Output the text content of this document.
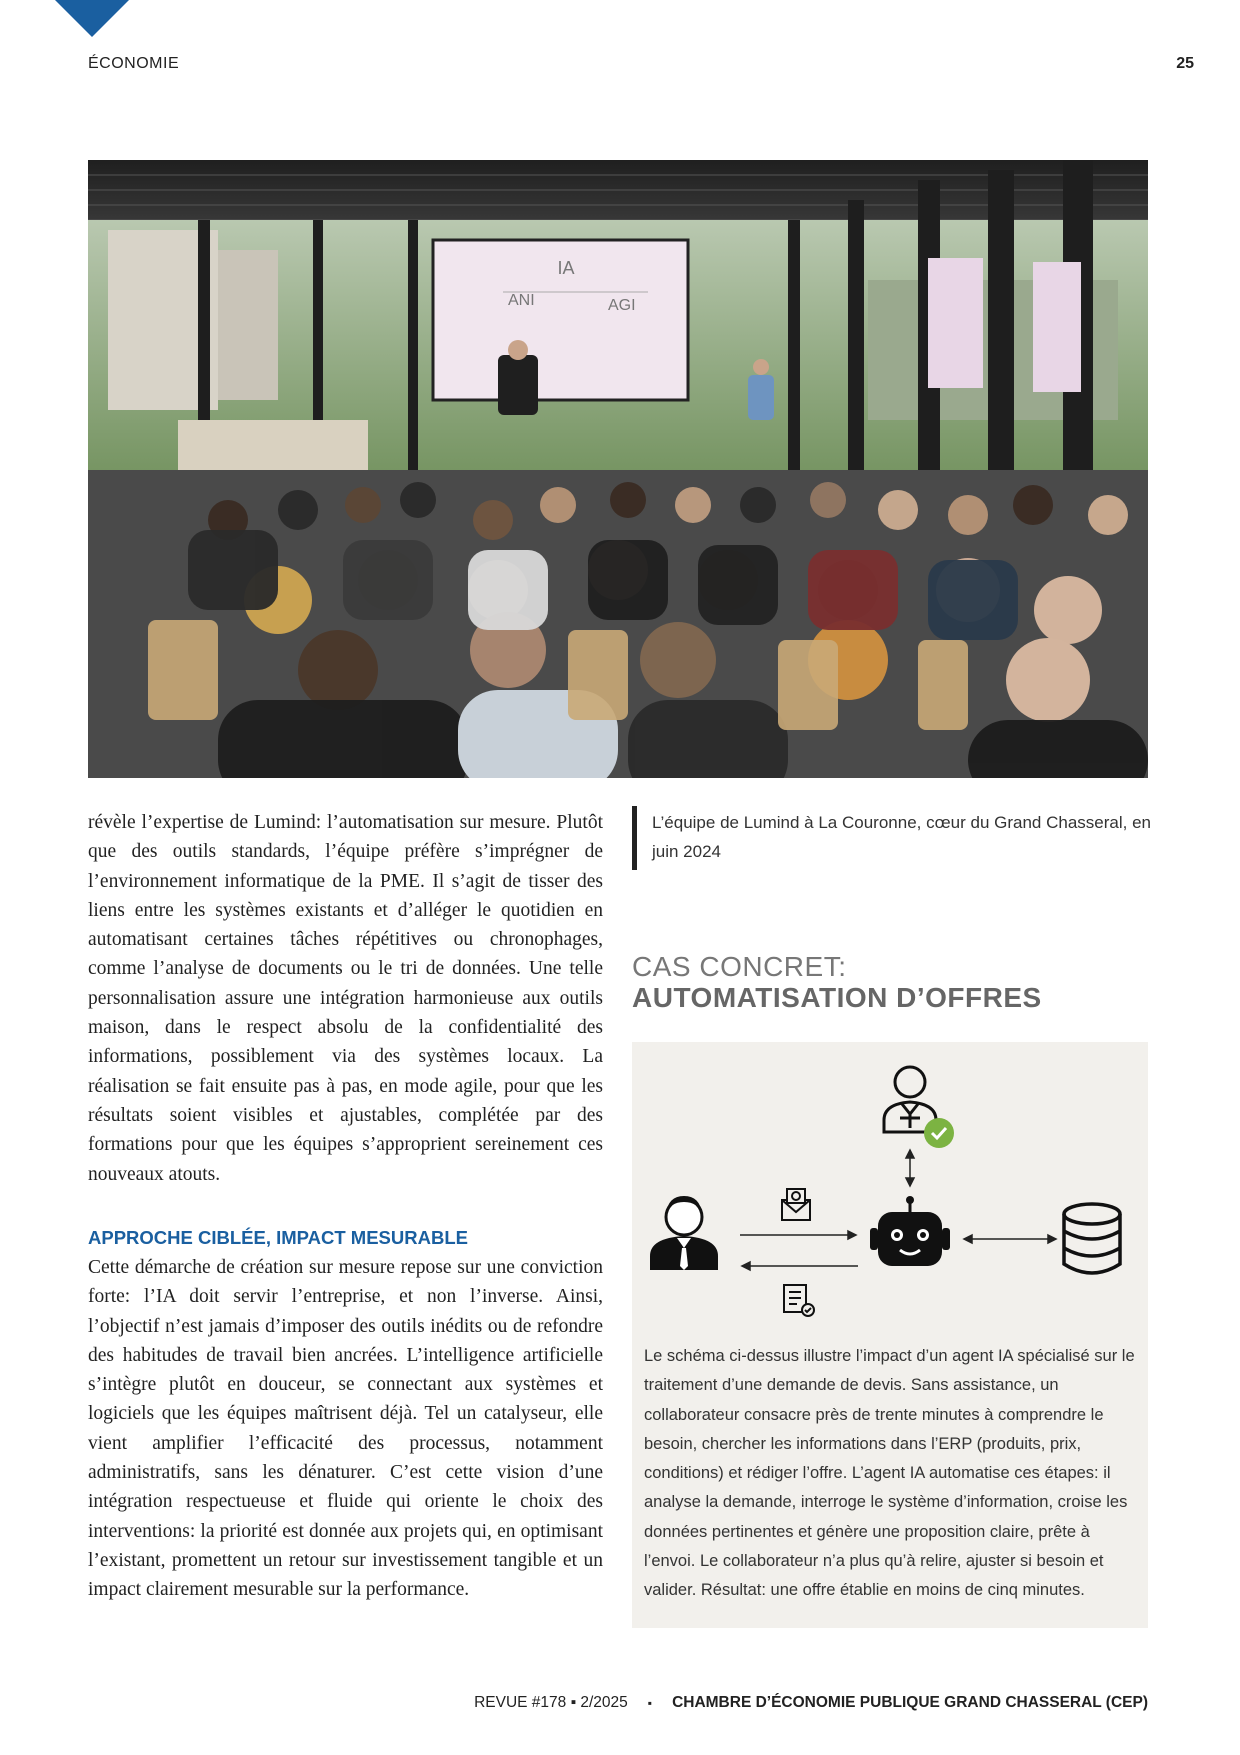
ÉCONOMIE	25
IA
ANI	AGI

révèle l’expertise de Lumind: l’automatisation sur mesure. Plutôt que des outils standards, l’équipe préfère s’imprégner de l’environnement informatique de la PME. Il s’agit de tisser des liens entre les systèmes existants et d’alléger le quotidien en automatisant certaines tâches répétitives ou chronophages, comme l’analyse de documents ou le tri de données. Une telle personnalisation assure une intégration harmonieuse aux outils maison, dans le respect absolu de la confidentialité des informations, possiblement via des systèmes locaux. La réalisation se fait ensuite pas à pas, en mode agile, pour que les résultats soient visibles et ajustables, complétée par des formations pour que les équipes s’approprient sereinement ces nouveaux atouts.

APPROCHE CIBLÉE, IMPACT MESURABLE

Cette démarche de création sur mesure repose sur une conviction forte: l’IA doit servir l’entreprise, et non l’inverse. Ainsi, l’objectif n’est jamais d’imposer des outils inédits ou de refondre des habitudes de travail bien ancrées. L’intelligence artificielle s’intègre plutôt en douceur, se connectant aux systèmes et logiciels que les équipes maîtrisent déjà. Tel un catalyseur, elle vient amplifier l’efficacité des processus, notamment administratifs, sans les dénaturer. C’est cette vision d’une intégration respectueuse et fluide qui oriente le choix des interventions: la priorité est donnée aux projets qui, en optimisant l’existant, promettent un retour sur investissement tangible et un impact clairement mesurable sur la performance.

L’équipe de Lumind à La Couronne, cœur du Grand Chasseral, en juin 2024

CAS CONCRET:
AUTOMATISATION D’OFFRES

Le schéma ci-dessus illustre l’impact d’un agent IA spécialisé sur le traitement d’une demande de devis. Sans assistance, un collaborateur consacre près de trente minutes à comprendre le besoin, chercher les informations dans l’ERP (produits, prix, conditions) et rédiger l’offre. L’agent IA automatise ces étapes: il analyse la demande, interroge le système d’information, croise les données pertinentes et génère une proposition claire, prête à l’envoi. Le collaborateur n’a plus qu’à relire, ajuster si besoin et valider. Résultat: une offre établie en moins de cinq minutes.

REVUE #178 ▪ 2/2025 ▪ CHAMBRE D’ÉCONOMIE PUBLIQUE GRAND CHASSERAL (CEP)
